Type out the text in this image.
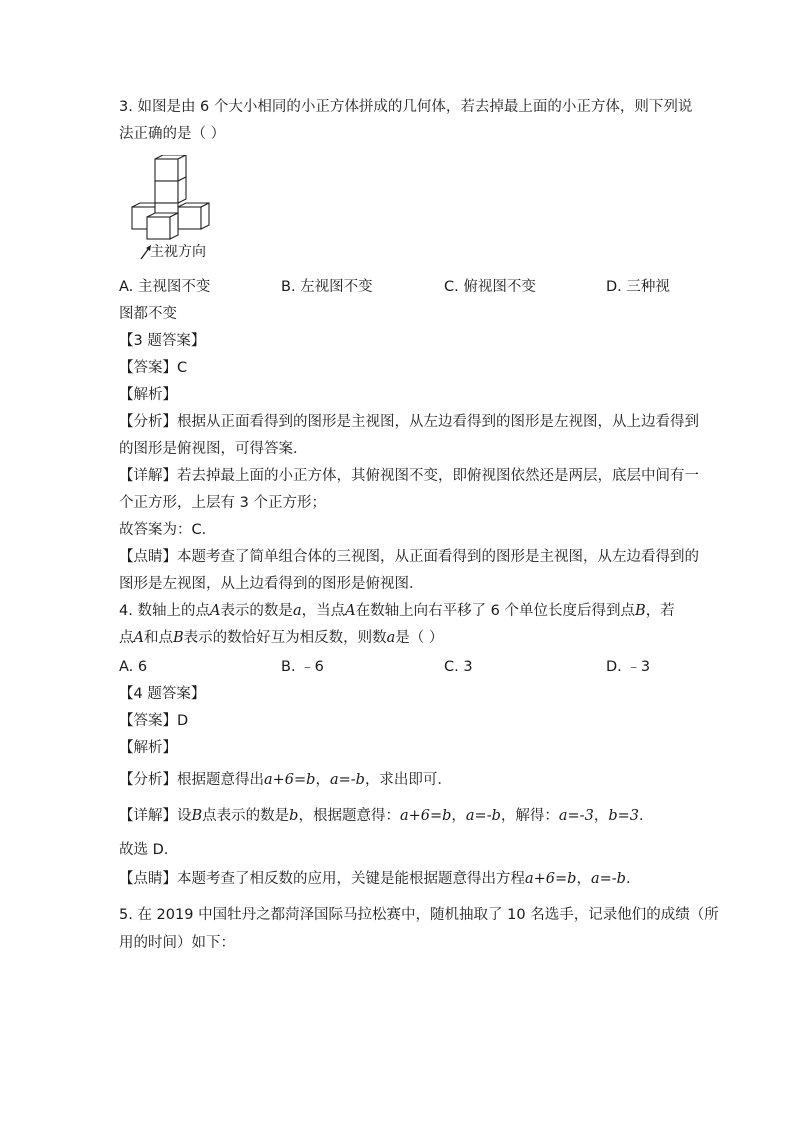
3. 如图是由 6 个大小相同的小正方体拼成的几何体，若去掉最上面的小正方体，则下列说
法正确的是（ ）
主视方向
A. 主视图不变	B. 左视图不变	C. 俯视图不变	D. 三种视
图都不变
【3 题答案】
【答案】C
【解析】
【分析】根据从正面看得到的图形是主视图，从左边看得到的图形是左视图，从上边看得到
的图形是俯视图，可得答案．
【详解】若去掉最上面的小正方体，其俯视图不变，即俯视图依然还是两层，底层中间有一
个正方形，上层有 3 个正方形；
故答案为：C．
【点睛】本题考查了简单组合体的三视图，从正面看得到的图形是主视图，从左边看得到的
图形是左视图，从上边看得到的图形是俯视图．
4. 数轴上的点A表示的数是a，当点A在数轴上向右平移了 6 个单位长度后得到点B，若
点A和点B表示的数恰好互为相反数，则数a是（ ）
A. 6	B. ﹣6	C. 3	D. ﹣3
【4 题答案】
【答案】D
【解析】
【分析】根据题意得出a+6=b，a=-b，求出即可．
【详解】设B点表示的数是b，根据题意得：a+6=b，a=-b，解得：a=-3，b=3.
故选 D.
【点睛】本题考查了相反数的应用，关键是能根据题意得出方程a+6=b，a=-b.
5. 在 2019 中国牡丹之都菏泽国际马拉松赛中，随机抽取了 10 名选手，记录他们的成绩（所
用的时间）如下：
